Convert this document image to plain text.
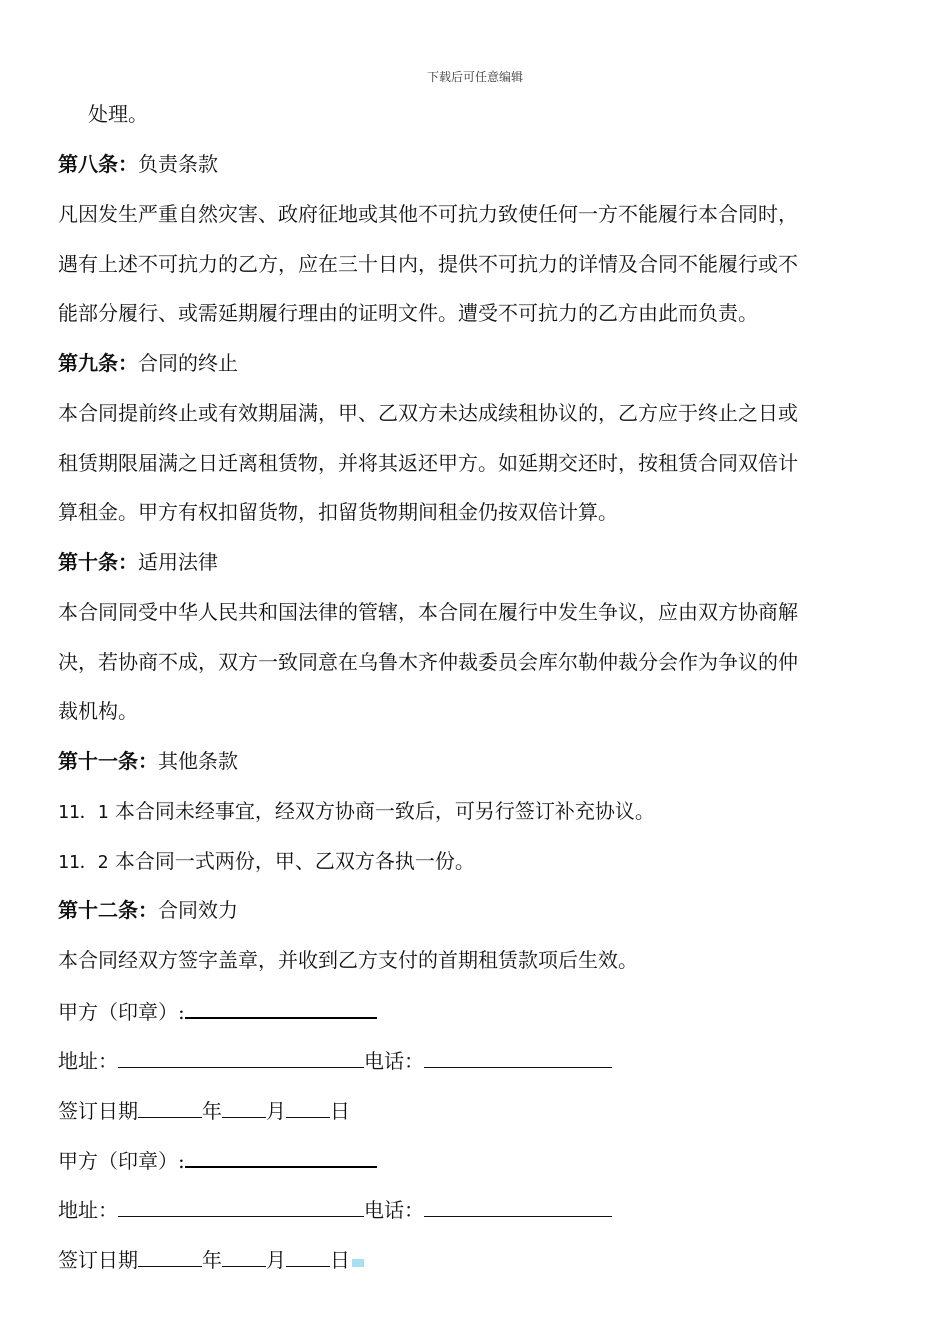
下载后可任意编辑
处理。
第八条：负责条款
凡因发生严重自然灾害、政府征地或其他不可抗力致使任何一方不能履行本合同时，
遇有上述不可抗力的乙方，应在三十日内，提供不可抗力的详情及合同不能履行或不
能部分履行、或需延期履行理由的证明文件。遭受不可抗力的乙方由此而负责。
第九条：合同的终止
本合同提前终止或有效期届满，甲、乙双方未达成续租协议的，乙方应于终止之日或
租赁期限届满之日迁离租赁物，并将其返还甲方。如延期交还时，按租赁合同双倍计
算租金。甲方有权扣留货物，扣留货物期间租金仍按双倍计算。
第十条：适用法律
本合同同受中华人民共和国法律的管辖，本合同在履行中发生争议，应由双方协商解
决，若协商不成，双方一致同意在乌鲁木齐仲裁委员会库尔勒仲裁分会作为争议的仲
裁机构。
第十一条：其他条款
11．1 本合同未经事宜，经双方协商一致后，可另行签订补充协议。
11．2 本合同一式两份，甲、乙双方各执一份。
第十二条：合同效力
本合同经双方签字盖章，并收到乙方支付的首期租赁款项后生效。
甲方（印章）:
地址：	电话：
签订日期	年 月 日
甲方（印章）:
地址：	电话：
签订日期	年 月 日
